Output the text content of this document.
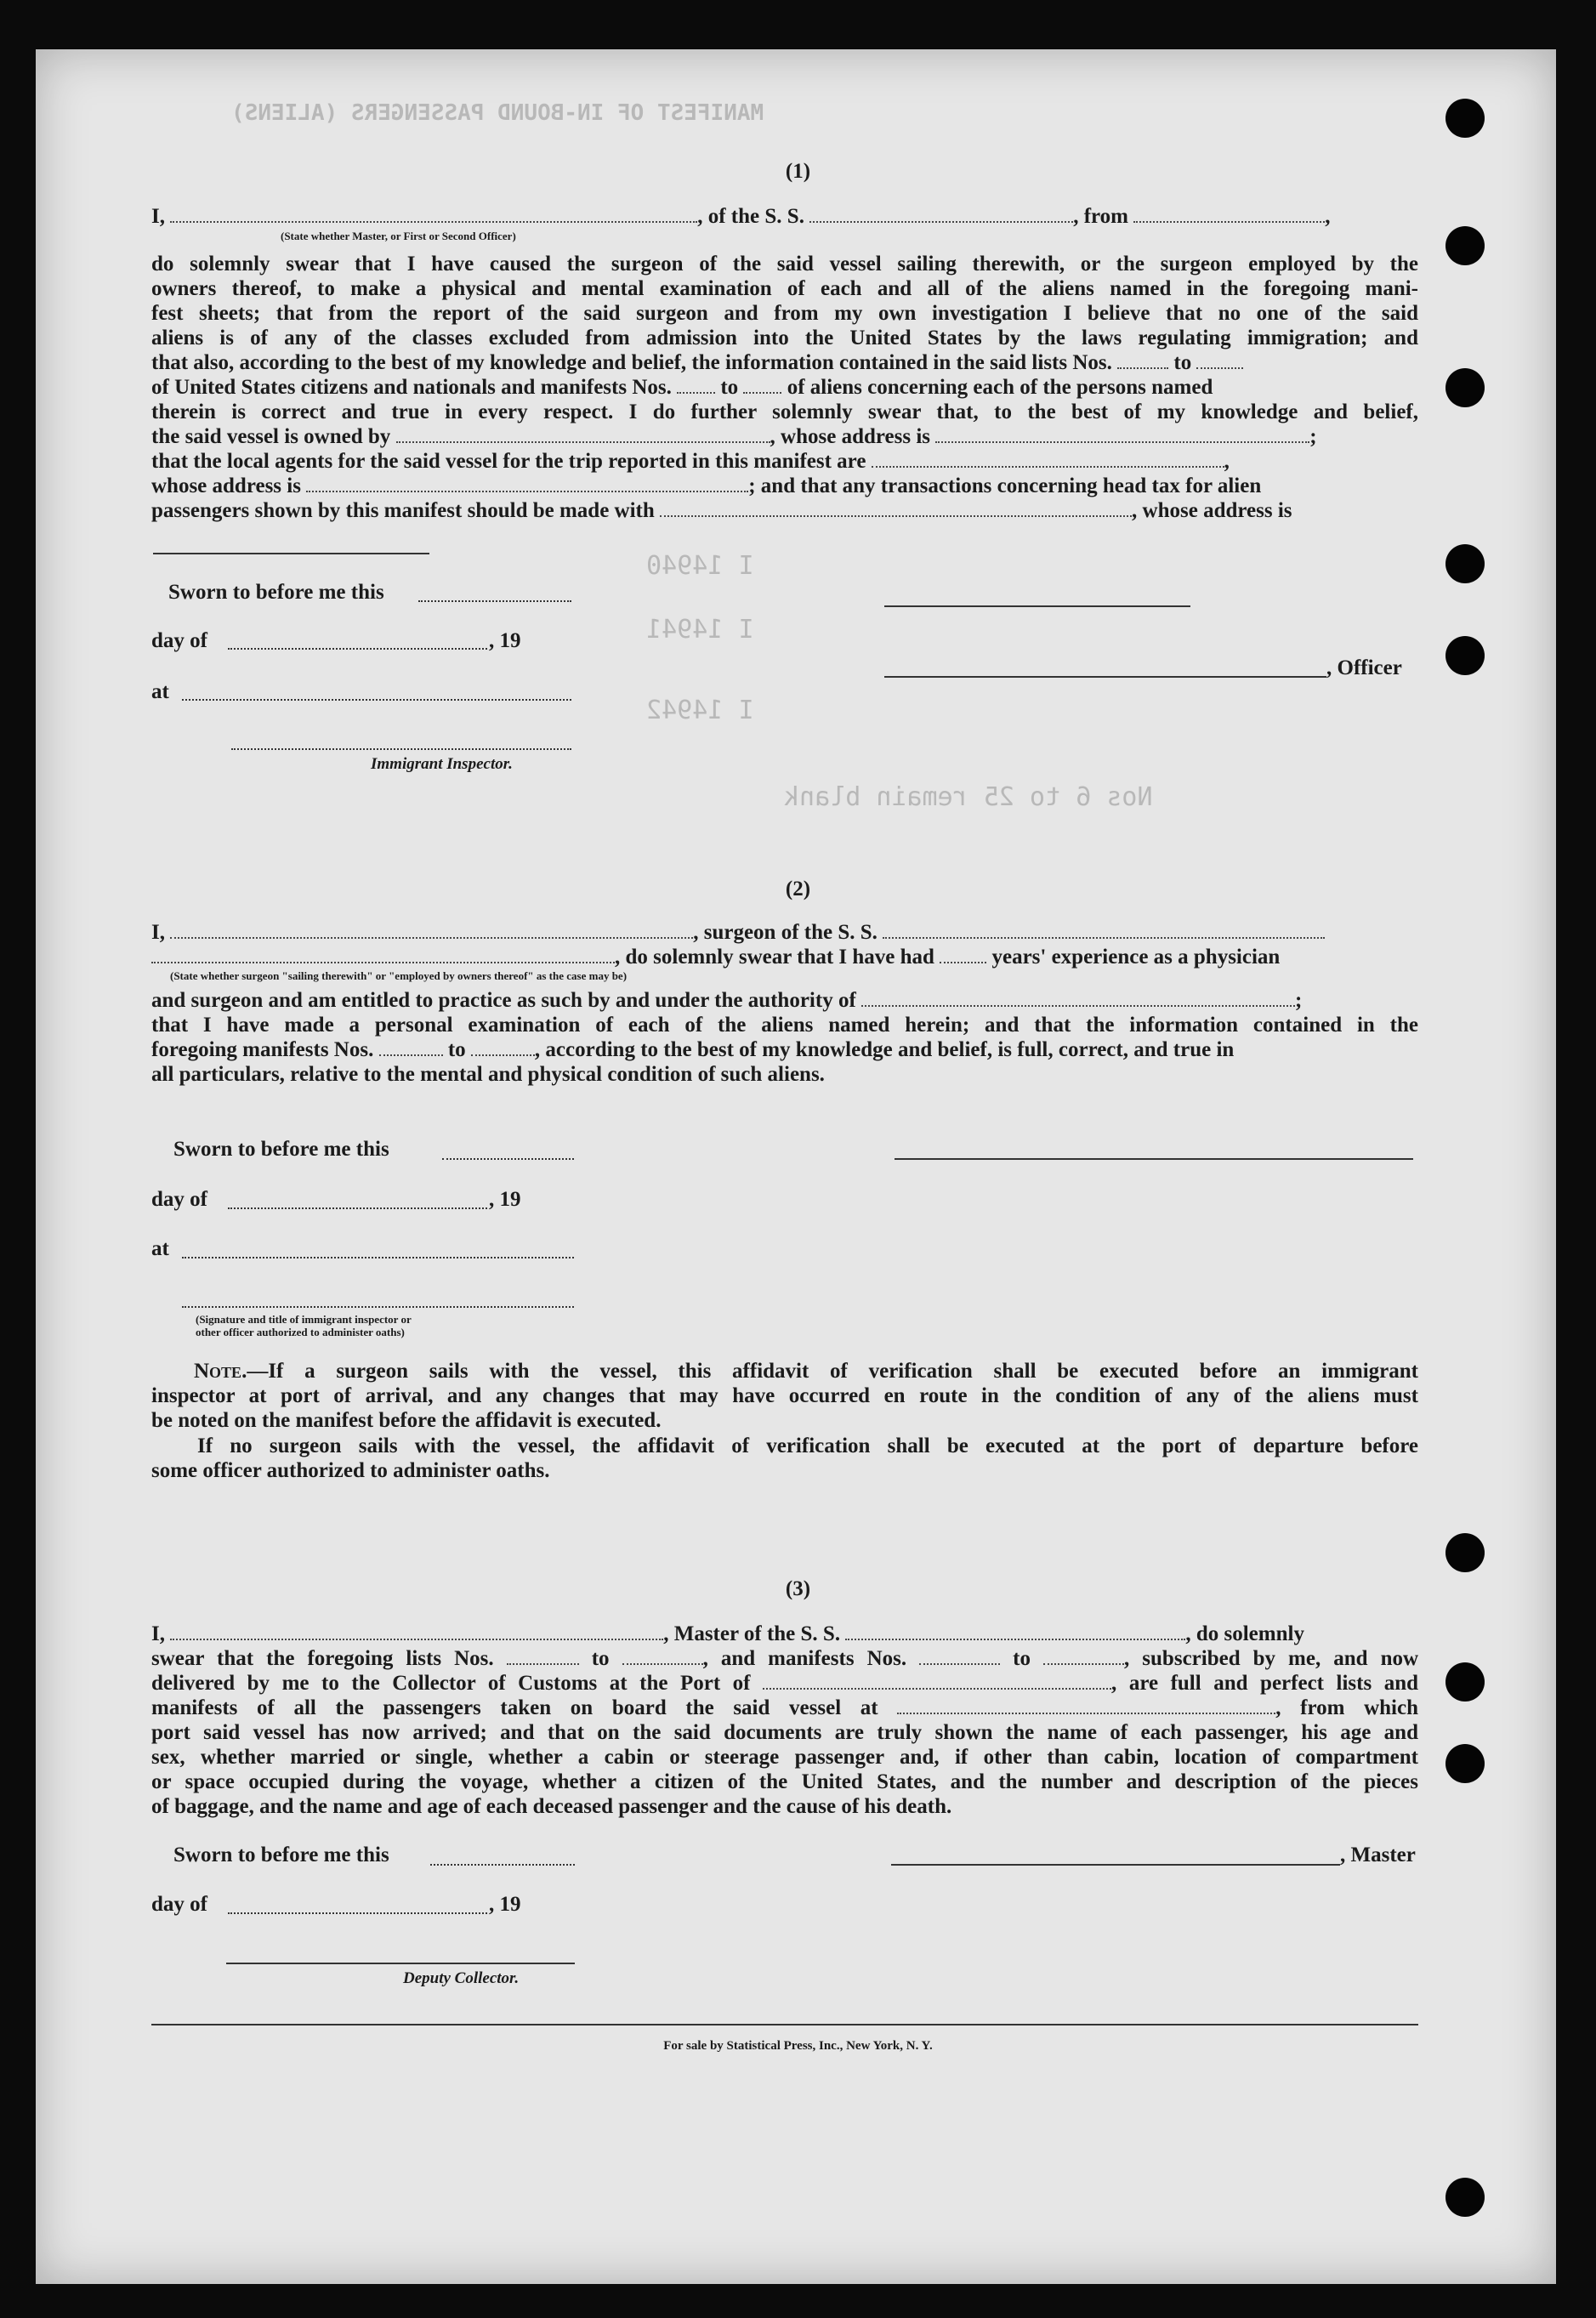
MANIFEST OF IN-BOUND PASSENGERS (ALIENS)
I 14940
I 14941
I 14942
Nos 6 to 25 remain blank
(1)
I,	, of the S. S.	, from	,
(State whether Master, or First or Second Officer)
do solemnly swear that I have caused the surgeon of the said vessel sailing therewith, or the surgeon employed by the
owners thereof, to make a physical and mental examination of each and all of the aliens named in the foregoing mani-
fest sheets; that from the report of the said surgeon and from my own investigation I believe that no one of the said
aliens is of any of the classes excluded from admission into the United States by the laws regulating immigration; and
that also, according to the best of my knowledge and belief, the information contained in the said lists Nos.	to
of United States citizens and nationals and manifests Nos. to of aliens concerning each of the persons named
therein is correct and true in every respect. I do further solemnly swear that, to the best of my knowledge and belief,
the said vessel is owned by	, whose address is	;
that the local agents for the said vessel for the trip reported in this manifest are	,
whose address is	; and that any transactions concerning head tax for alien
passengers shown by this manifest should be made with	, whose address is
Sworn to before me this
day of	, 19
at
, Officer
Immigrant Inspector.
(2)
I,	, surgeon of the S. S.
, do solemnly swear that I have had	years' experience as a physician
(State whether surgeon "sailing therewith" or "employed by owners thereof" as the case may be)
and surgeon and am entitled to practice as such by and under the authority of	;
that I have made a personal examination of each of the aliens named herein; and that the information contained in the
foregoing manifests Nos.	to	, according to the best of my knowledge and belief, is full, correct, and true in
all particulars, relative to the mental and physical condition of such aliens.
Sworn to before me this
day of	, 19
at
(Signature and title of immigrant inspector or
other officer authorized to administer oaths)
Note.—If a surgeon sails with the vessel, this affidavit of verification shall be executed before an immigrant
inspector at port of arrival, and any changes that may have occurred en route in the condition of any of the aliens must
be noted on the manifest before the affidavit is executed.
If no surgeon sails with the vessel, the affidavit of verification shall be executed at the port of departure before
some officer authorized to administer oaths.
(3)
I,	, Master of the S. S.	, do solemnly
swear that the foregoing lists Nos.	to	, and manifests Nos.	to	, subscribed by me, and now
delivered by me to the Collector of Customs at the Port of	, are full and perfect lists and
manifests of all the passengers taken on board the said vessel at	, from which
port said vessel has now arrived; and that on the said documents are truly shown the name of each passenger, his age and
sex, whether married or single, whether a cabin or steerage passenger and, if other than cabin, location of compartment
or space occupied during the voyage, whether a citizen of the United States, and the number and description of the pieces
of baggage, and the name and age of each deceased passenger and the cause of his death.
Sworn to before me this	, Master
day of	, 19
Deputy Collector.
For sale by Statistical Press, Inc., New York, N. Y.
